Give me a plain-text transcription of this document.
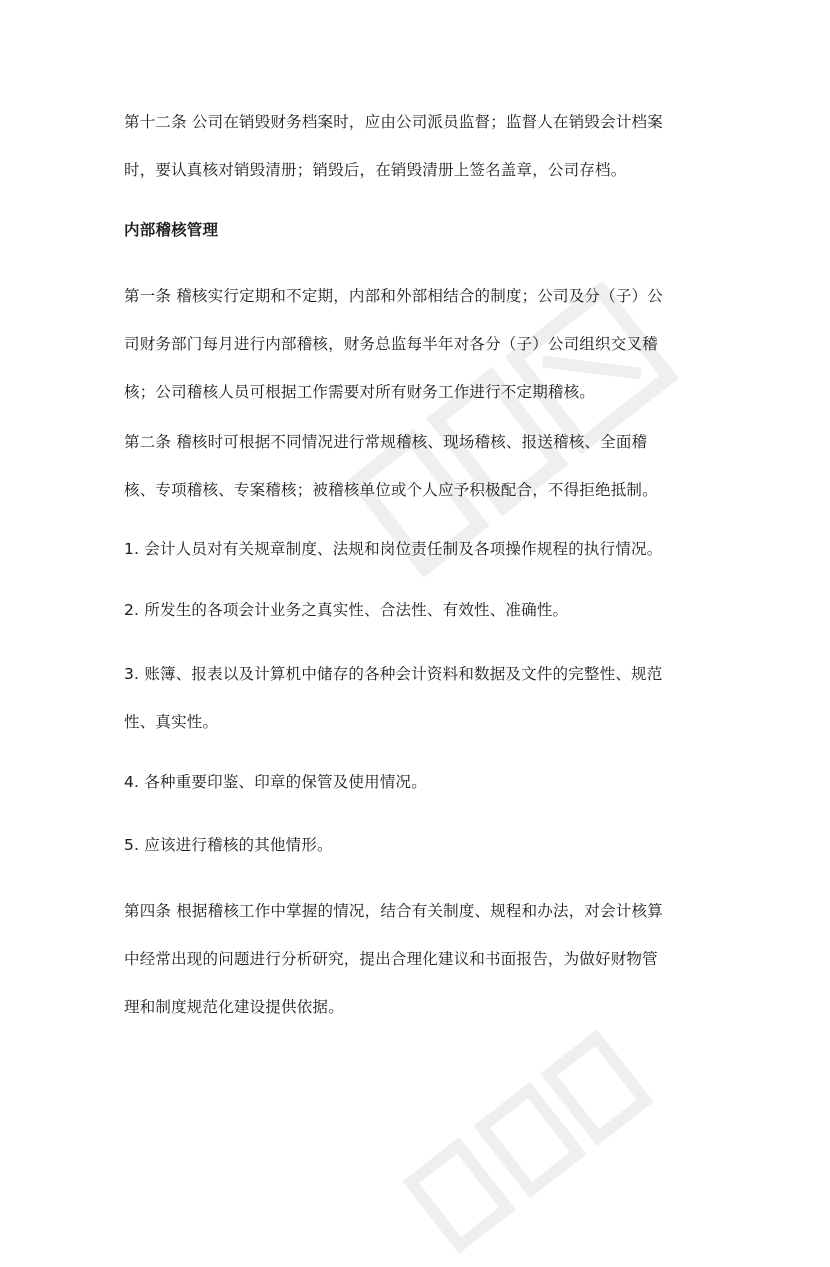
第十二条 公司在销毁财务档案时，应由公司派员监督；监督人在销毁会计档案
时，要认真核对销毁清册；销毁后，在销毁清册上签名盖章，公司存档。
内部稽核管理
第一条 稽核实行定期和不定期，内部和外部相结合的制度；公司及分（子）公
司财务部门每月进行内部稽核，财务总监每半年对各分（子）公司组织交叉稽
核；公司稽核人员可根据工作需要对所有财务工作进行不定期稽核。
第二条 稽核时可根据不同情况进行常规稽核、现场稽核、报送稽核、全面稽
核、专项稽核、专案稽核；被稽核单位或个人应予积极配合，不得拒绝抵制。
1. 会计人员对有关规章制度、法规和岗位责任制及各项操作规程的执行情况。
2. 所发生的各项会计业务之真实性、合法性、有效性、准确性。
3. 账簿、报表以及计算机中储存的各种会计资料和数据及文件的完整性、规范
性、真实性。
4. 各种重要印鉴、印章的保管及使用情况。
5. 应该进行稽核的其他情形。
第四条 根据稽核工作中掌握的情况，结合有关制度、规程和办法，对会计核算
中经常出现的问题进行分析研究，提出合理化建议和书面报告，为做好财物管
理和制度规范化建设提供依据。
